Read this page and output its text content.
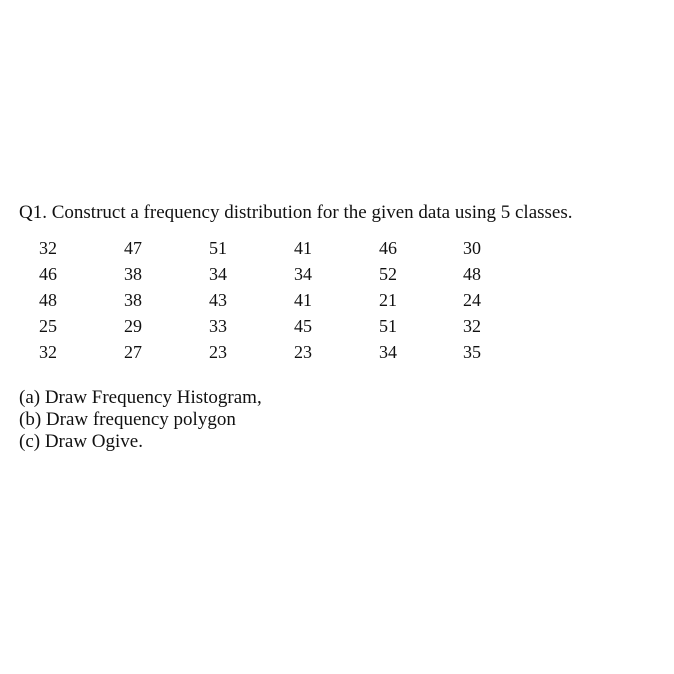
Q1. Construct a frequency distribution for the given data using 5 classes.
32	47	51	41	46	30
46	38	34	34	52	48
48	38	43	41	21	24
25	29	33	45	51	32
32	27	23	23	34	35
(a) Draw Frequency Histogram,
(b) Draw frequency polygon
(c) Draw Ogive.
